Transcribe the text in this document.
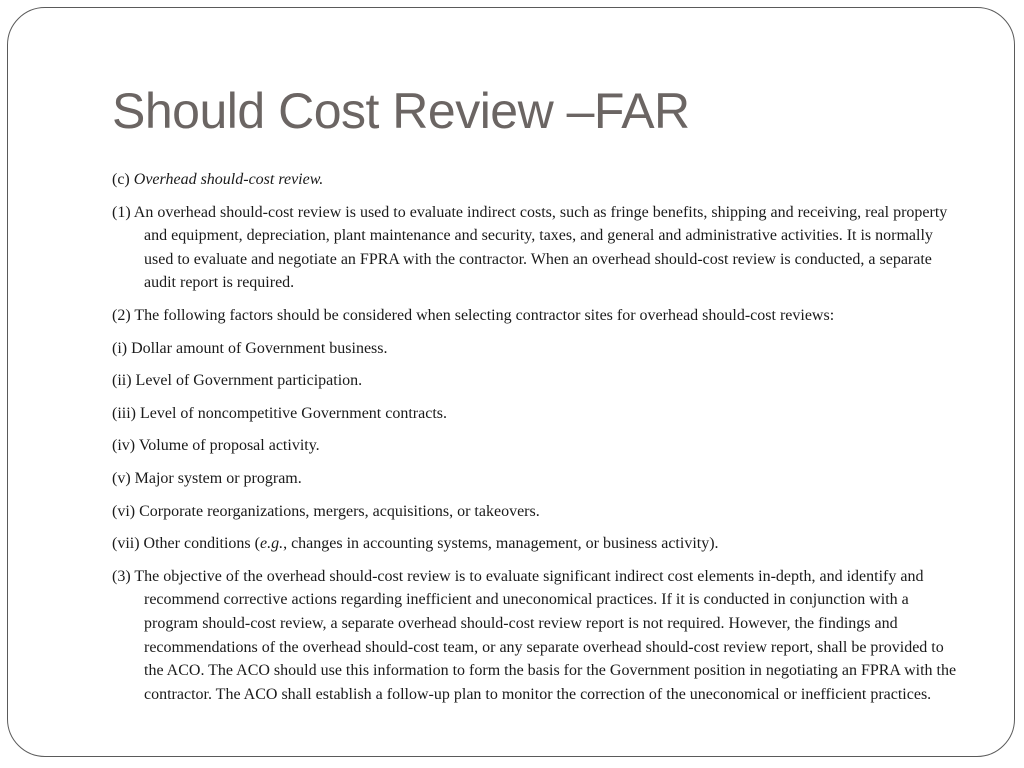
Should Cost Review –FAR

(c) Overhead should-cost review.

(1) An overhead should-cost review is used to evaluate indirect costs, such as fringe benefits, shipping and receiving, real property and equipment, depreciation, plant maintenance and security, taxes, and general and administrative activities. It is normally used to evaluate and negotiate an FPRA with the contractor. When an overhead should-cost review is conducted, a separate audit report is required.

(2) The following factors should be considered when selecting contractor sites for overhead should-cost reviews:

(i) Dollar amount of Government business.

(ii) Level of Government participation.

(iii) Level of noncompetitive Government contracts.

(iv) Volume of proposal activity.

(v) Major system or program.

(vi) Corporate reorganizations, mergers, acquisitions, or takeovers.

(vii) Other conditions (e.g., changes in accounting systems, management, or business activity).

(3) The objective of the overhead should-cost review is to evaluate significant indirect cost elements in-depth, and identify and recommend corrective actions regarding inefficient and uneconomical practices. If it is conducted in conjunction with a program should-cost review, a separate overhead should-cost review report is not required. However, the findings and recommendations of the overhead should-cost team, or any separate overhead should-cost review report, shall be provided to the ACO. The ACO should use this information to form the basis for the Government position in negotiating an FPRA with the contractor. The ACO shall establish a follow-up plan to monitor the correction of the uneconomical or inefficient practices.
